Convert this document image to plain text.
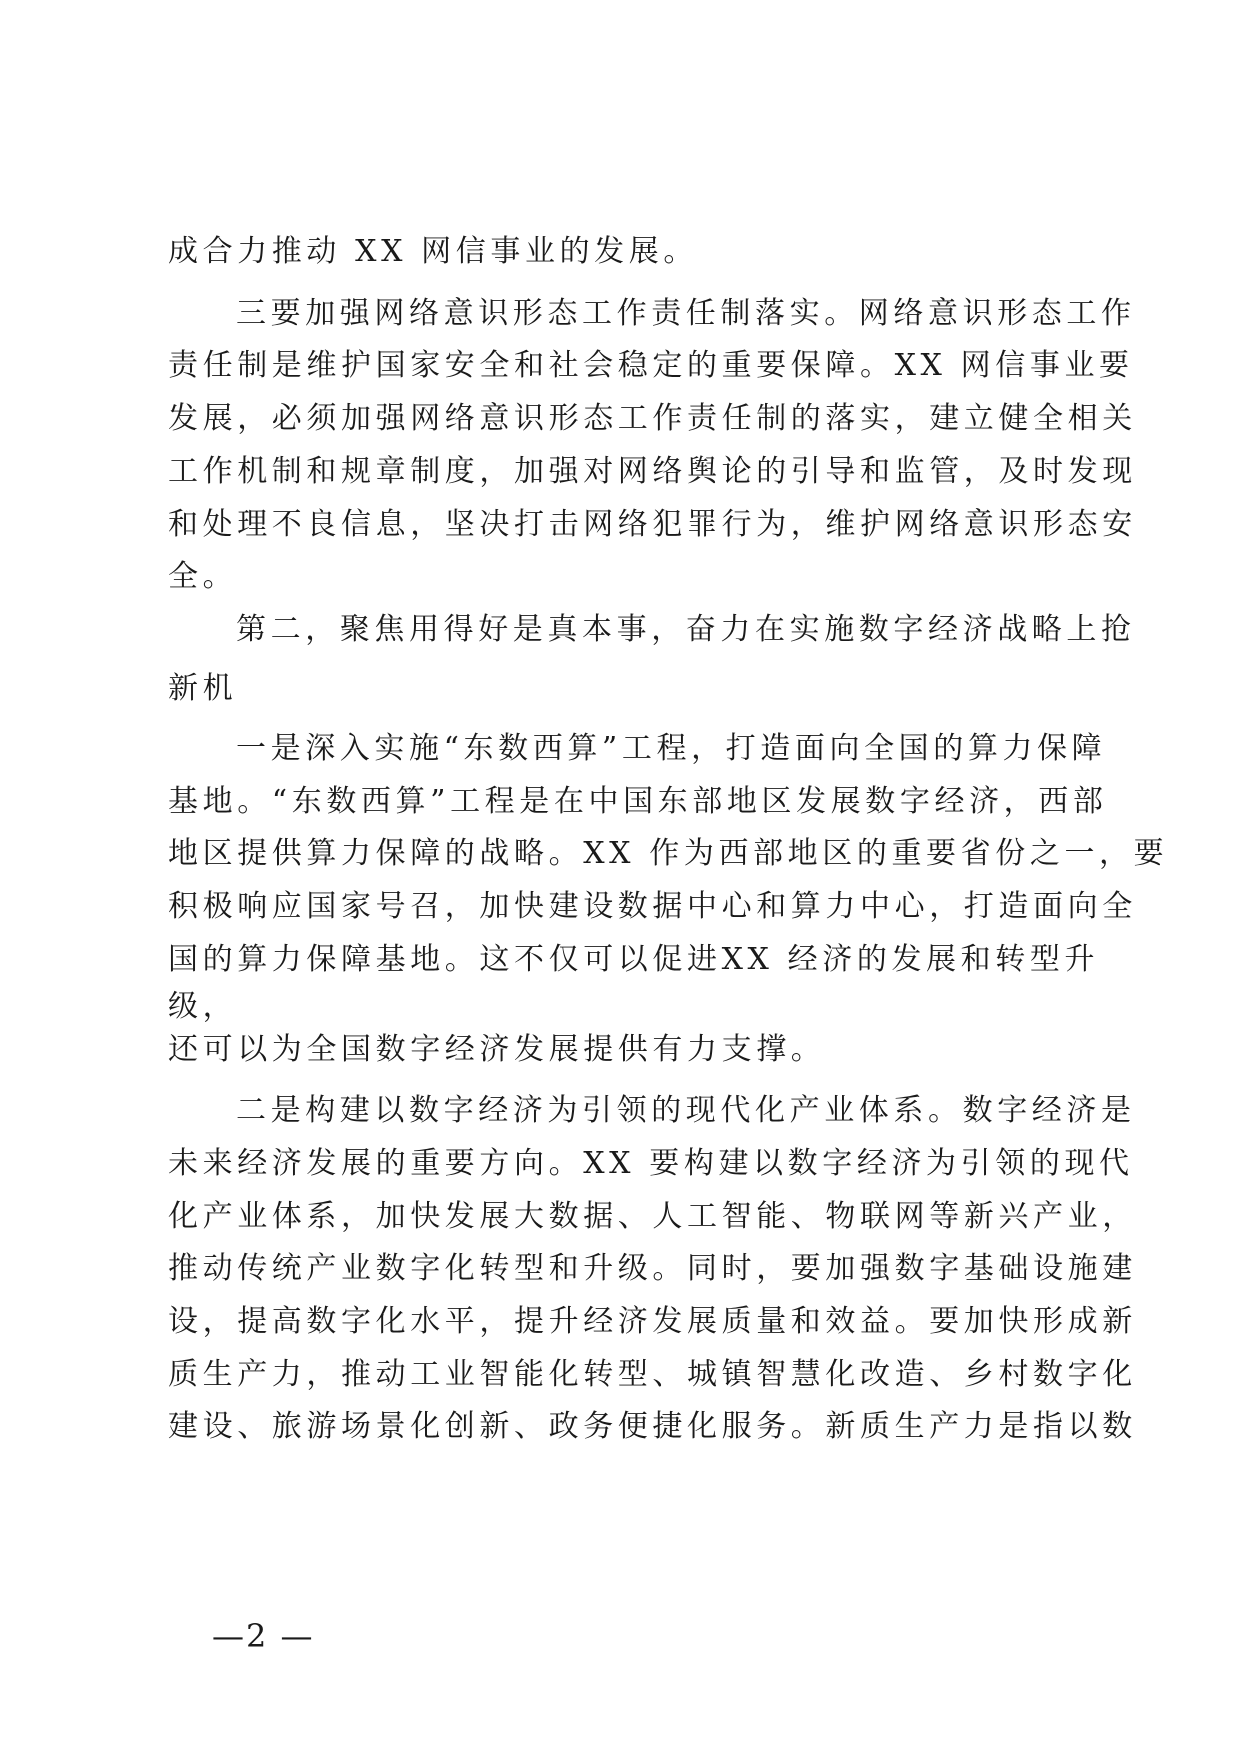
成合力推动 XX 网信事业的发展。
三要加强网络意识形态工作责任制落实。网络意识形态工作
责任制是维护国家安全和社会稳定的重要保障。XX 网信事业要
发展，必须加强网络意识形态工作责任制的落实，建立健全相关
工作机制和规章制度，加强对网络舆论的引导和监管，及时发现
和处理不良信息，坚决打击网络犯罪行为，维护网络意识形态安
全。
第二，聚焦用得好是真本事，奋力在实施数字经济战略上抢
新机
一是深入实施“东数西算”工程，打造面向全国的算力保障
基地。“东数西算”工程是在中国东部地区发展数字经济，西部
地区提供算力保障的战略。XX 作为西部地区的重要省份之一，要
积极响应国家号召，加快建设数据中心和算力中心，打造面向全
国的算力保障基地。这不仅可以促进XX 经济的发展和转型升
级，
还可以为全国数字经济发展提供有力支撑。
二是构建以数字经济为引领的现代化产业体系。数字经济是
未来经济发展的重要方向。XX 要构建以数字经济为引领的现代
化产业体系，加快发展大数据、人工智能、物联网等新兴产业，
推动传统产业数字化转型和升级。同时，要加强数字基础设施建
设，提高数字化水平，提升经济发展质量和效益。要加快形成新
质生产力，推动工业智能化转型、城镇智慧化改造、乡村数字化
建设、旅游场景化创新、政务便捷化服务。新质生产力是指以数
—2 —
